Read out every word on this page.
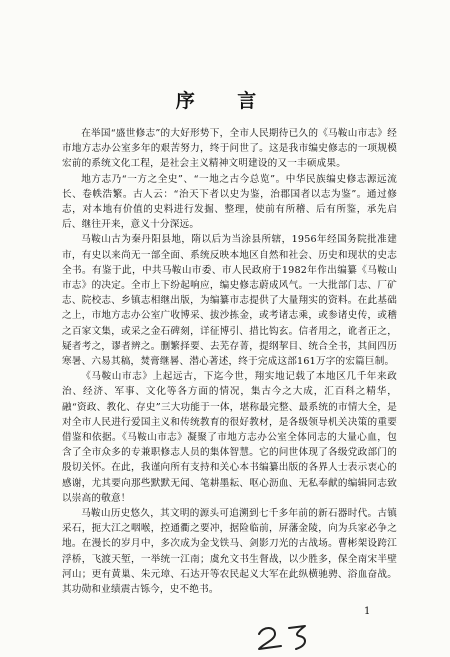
序 言

在举国“盛世修志”的大好形势下，全市人民期待已久的《马鞍山市志》经市地方志办公室多年的艰苦努力，终于问世了。这是我市编史修志的一项规模宏前的系统文化工程，是社会主义精神文明建设的又一丰硕成果。

地方志乃“一方之全史”、“一地之古今总览”。中华民族编史修志源远流长、卷帙浩繁。古人云：“治天下者以史为鉴，治郡国者以志为鉴”。通过修志，对本地有价值的史料进行发掘、整理，使前有所稽、后有所鉴，承先启后、继往开来，意义十分深远。

马鞍山古为秦丹阳县地，隋以后为当涂县所辖，1956年经国务院批准建市，有史以来尚无一部全面、系统反映本地区自然和社会、历史和现状的史志全书。有鉴于此，中共马鞍山市委、市人民政府于1982年作出编纂《马鞍山市志》的决定。全市上下纷起响应，编史修志蔚成风气。一大批部门志、厂矿志、院校志、乡镇志相继出版，为编纂市志提供了大量翔实的资料。在此基础之上，市地方志办公室广收博采、拔沙拣金，或考诸志乘，或参诸史传，或稽之百家文集，或采之金石碑刻，详征博引、措比钩玄。信者用之，讹者正之，疑者考之，谬者辨之。删繁择要、去芜存菁，提纲挈目、统合全书，其间四历寒暑、六易其稿，焚膏继晷、潜心著述，终于完成这部161万字的宏篇巨制。

《马鞍山市志》上起远古，下迄今世，翔实地记载了本地区几千年来政治、经济、军事、文化等各方面的情况，集古今之大成，汇百科之精华，融“资政、教化、存史”三大功能于一体，堪称最完整、最系统的市情大全，是对全市人民进行爱国主义和传统教育的很好教材，是各级领导机关决策的重要借鉴和依据。《马鞍山市志》凝聚了市地方志办公室全体同志的大量心血，包含了全市众多的专兼职修志人员的集体智慧。它的问世体现了各级党政部门的殷切关怀。在此，我谨向所有支持和关心本书编纂出版的各界人士表示衷心的感谢，尤其要向那些默默无闻、笔耕墨耘、呕心沥血、无私奉献的编辑同志致以崇高的敬意！

马鞍山历史悠久，其文明的源头可追溯到七千多年前的新石器时代。古镇采石，扼大江之咽喉，控通衢之要冲，据险临前，屏藩金陵，向为兵家必争之地。在漫长的岁月中，多次成为金戈铁马、剑影刀光的古战场。曹彬架设跨江浮桥，飞渡天堑，一举统一江南；虞允文书生督战，以少胜多，保全南宋半壁河山；更有黄巢、朱元璋、石达开等农民起义大军在此纵横驰骋、浴血奋战。其功勋和业绩震古铄今，史不绝书。

1
